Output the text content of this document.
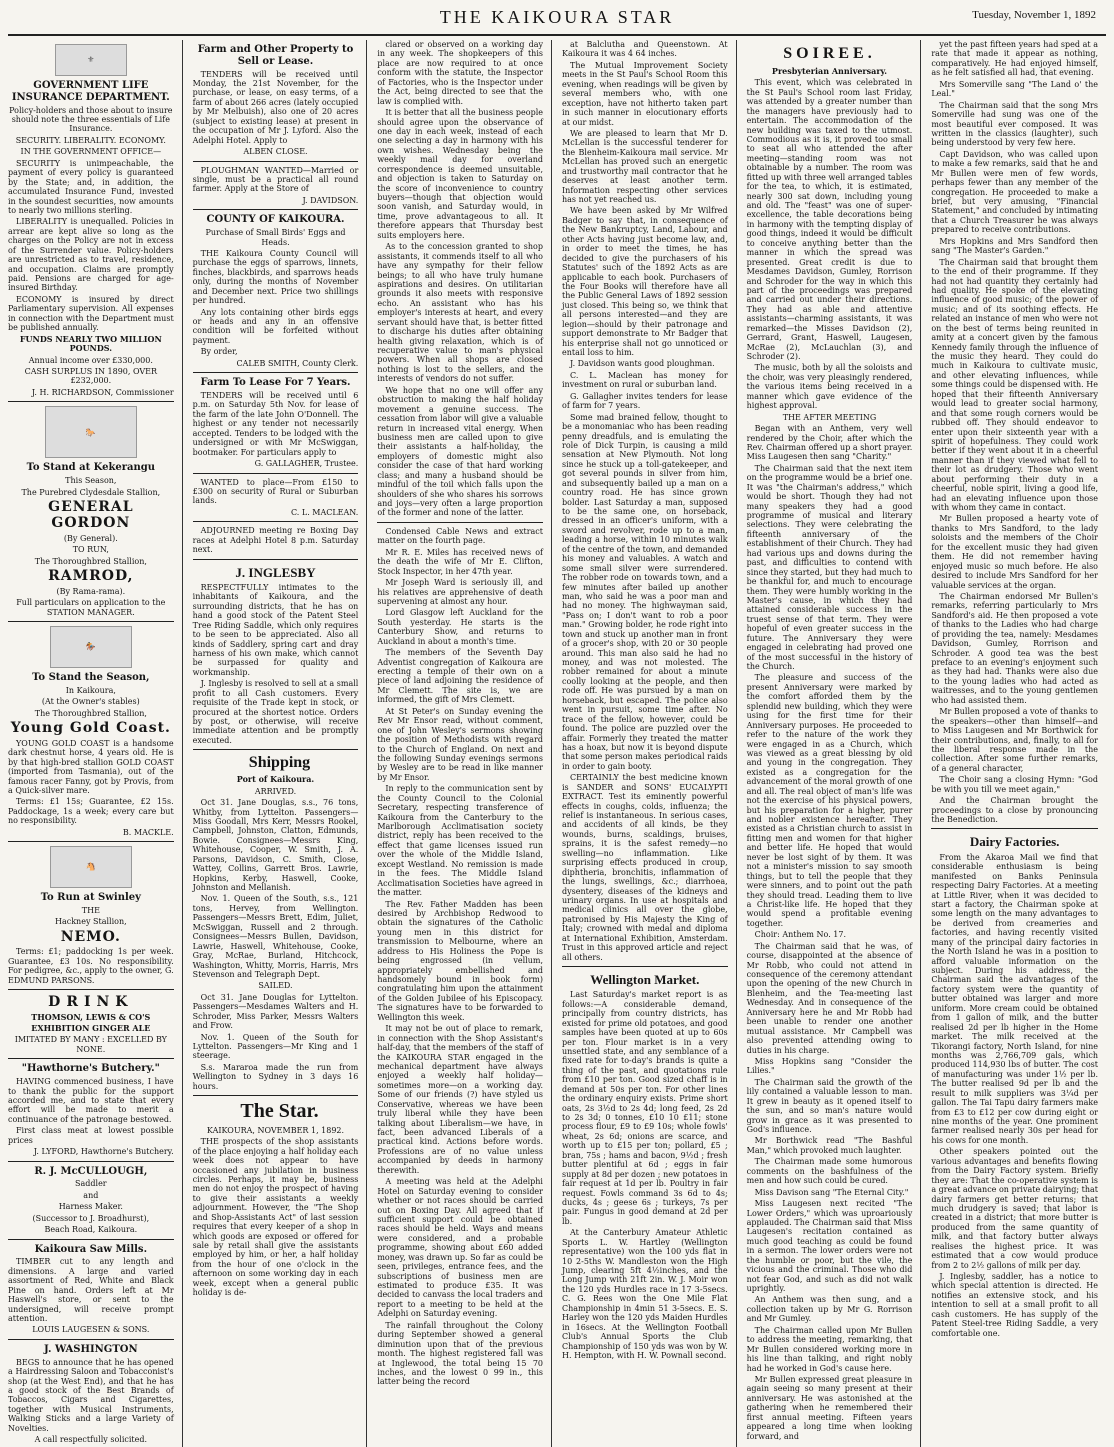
THE KAIKOURA STAR	Tuesday, November 1, 1892
⚜
GOVERNMENT LIFE INSURANCE DEPARTMENT.

Policy-holders and those about to insure should note the three essentials of Life Insurance.

SECURITY. LIBERALITY. ECONOMY.

IN THE GOVERNMENT OFFICE—

SECURITY is unimpeachable, the payment of every policy is guaranteed by the State; and, in addition, the accumulated Insurance Fund, invested in the soundest securities, now amounts to nearly two millions sterling.

LIBERALITY is unequalled. Policies in arrear are kept alive so long as the charges on the Policy are not in excess of the Surrender value. Policy-holders are unrestricted as to travel, residence, and occupation. Claims are promptly paid. Pensions are charged for age-insured Birthday.

ECONOMY is insured by direct Parliamentary supervision. All expenses in connection with the Department must be published annually.

FUNDS NEARLY TWO MILLION POUNDS.

Annual income over £330,000.

CASH SURPLUS IN 1890, OVER £232,000.

J. H. RICHARDSON, Commissioner

🐎
To Stand at Kekerangu

This Season,

The Purebred Clydesdale Stallion,

GENERAL GORDON

(By General).

TO RUN,

The Thoroughbred Stallion,

RAMROD,

(By Rama-rama).

Full particulars on application to the STATION MANAGER.

🏇
To Stand the Season,

In Kaikoura,

(At the Owner's stables)

The Thoroughbred Stallion,

Young Gold Coast.

YOUNG GOLD COAST is a handsome dark chestnut horse, 4 years old. He is by that high-bred stallion GOLD COAST (imported from Tasmania), out of the famous racer Fanny, got by Provis, from a Quick-silver mare.

Terms: £1 15s; Guarantee, £2 15s. Paddockage, 1s a week; every care but no responsibility.

B. MACKLE.

🐴
To Run at Swinley

THE

Hackney Stallion,

NEMO.

Terms: £1; paddocking 1s per week. Guarantee, £3 10s. No responsibility. For pedigree, &c., apply to the owner, G. EDMUND PARSONS.

DRINK

THOMSON, LEWIS & CO'S

EXHIBITION GINGER ALE

IMITATED BY MANY : EXCELLED BY NONE.

"Hawthorne's Butchery."

HAVING commenced business, I have to thank the public for the support accorded me, and to state that every effort will be made to merit a continuance of the patronage bestowed.

First class meat at lowest possible prices

J. LYFORD, Hawthorne's Butchery.

R. J. McCULLOUGH,

Saddler

and

Harness Maker.

(Successor to J. Broadhurst),

Beach Road, Kaikoura.

Kaikoura Saw Mills.

TIMBER cut to any length and dimensions. A large and varied assortment of Red, White and Black Pine on hand. Orders left at Mr Haswell's store, or sent to the undersigned, will receive prompt attention.

LOUIS LAUGESEN & SONS.

J. WASHINGTON

BEGS to announce that he has opened a Hairdressing Saloon and Tobacconist's shop (at the West End), and that he has a good stock of the Best Brands of Tobaccos, Cigars and Cigarettes, together with Musical Instruments, Walking Sticks and a large Variety of Novelties.

A call respectfully solicited.

Farm and Other Property to Sell or Lease.

TENDERS will be received until Monday, the 21st November, for the purchase, or lease, on easy terms, of a farm of about 266 acres (lately occupied by Mr Melbuish), also one of 20 acres (subject to existing lease) at present in the occupation of Mr J. Lyford. Also the Adelphi Hotel. Apply to

ALBEN CLOSE.

PLOUGHMAN WANTED—Married or single, must be a practical all round farmer. Apply at the Store of

J. DAVIDSON.

COUNTY OF KAIKOURA.

Purchase of Small Birds' Eggs and Heads.

THE Kaikoura County Council will purchase the eggs of sparrows, linnets, finches, blackbirds, and sparrows heads only, during the months of November and December next. Price two shillings per hundred.

Any lots containing other birds eggs or heads and any in an offensive condition will be forfeited without payment.

By order,

CALEB SMITH, County Clerk.

Farm To Lease For 7 Years.

TENDERS will be received until 6 p.m. on Saturday 5th Nov. for lease of the farm of the late John O'Donnell. The highest or any tender not necessarily accepted. Tenders to be lodged with the undersigned or with Mr McSwiggan, bootmaker. For particulars apply to

G. GALLAGHER, Trustee.

WANTED to place—From £150 to £300 on security of Rural or Suburban lands.

C. L. MACLEAN.

ADJOURNED meeting re Boxing Day races at Adelphi Hotel 8 p.m. Saturday next.

J. INGLESBY

RESPECTFULLY intimates to the inhabitants of Kaikoura, and the surrounding districts, that he has on hand a good stock of the Patent Steel Tree Riding Saddle, which only requires to be seen to be appreciated. Also all kinds of Saddlery, spring cart and dray harness of his own make, which cannot be surpassed for quality and workmanship.

J. Inglesby is resolved to sell at a small profit to all Cash customers. Every requisite of the Trade kept in stock, or procured at the shortest notice. Orders by post, or otherwise, will receive immediate attention and be promptly executed.

Shipping

Port of Kaikoura.

ARRIVED.

Oct 31. Jane Douglas, s.s., 76 tons, Whitby, from Lyttelton. Passengers—Miss Goodall, Mrs Kerr, Messrs Rookel, Campbell, Johnston, Clatton, Edmunds, Bowie. Consignees—Messrs King, Whitehouse, Cooper, W. Smith, J. A. Parsons, Davidson, C. Smith, Close, Wattey, Collins, Garrett Bros. Lawrie, Hopkins, Kerby, Haswell, Cooke, Johnston and Mellanish.

Nov. 1. Queen of the South, s.s., 121 tons, Hervey, from Wellington. Passengers—Messrs Brett, Edim, Juliet, McSwiggan, Russell and 2 through. Consignees—Messrs Bullen, Davidson, Lawrie, Haswell, Whitehouse, Cooke, Gray, McRae, Burland, Hitchcock, Washington, Whitty, Morris, Harris, Mrs Stevenson and Telegraph Dept.

SAILED.

Oct 31. Jane Douglas for Lyttelton. Passengers—Mesdames Walters and H. Schroder, Miss Parker, Messrs Walters and Frow.

Nov. 1. Queen of the South for Lyttelton. Passengers—Mr King and 1 steerage.

S.s. Mararoa made the run from Wellington to Sydney in 3 days 16 hours.

The Star.

KAIKOURA, NOVEMBER 1, 1892.

THE prospects of the shop assistants of the place enjoying a half holiday each week does not appear to have occasioned any jubilation in business circles. Perhaps, it may be, business men do not enjoy the prospect of having to give their assistants a weekly adjournment. However, the "The Shop and Shop-Assistants Act" of last session requires that every keeper of a shop in which goods are exposed or offered for sale by retail shall give the assistants employed by him, or her, a half holiday from the hour of one o'clock in the afternoon on some working day in each week, except when a general public holiday is de-

clared or observed on a working day in any week. The shopkeepers of this place are now required to at once conform with the statute, the Inspector of Factories, who is the Inspector under the Act, being directed to see that the law is complied with.

It is better that all the business people should agree upon the observance of one day in each week, instead of each one selecting a day in harmony with his own wishes. Wednesday being the weekly mail day for overland correspondence is deemed unsuitable, and objection is taken to Saturday on the score of inconvenience to country buyers—though that objection would soon vanish, and Saturday would, in time, prove advantageous to all. It therefore appears that Thursday best suits employers here.

As to the concession granted to shop assistants, it commends itself to all who have any sympathy for their fellow beings; to all who have truly humane aspirations and desires. On utilitarian grounds it also meets with responsive echo. An assistant who has his employer's interests at heart, and every servant should have that, is better fitted to discharge his duties after obtaining health giving relaxation, which is of recuperative value to man's physical powers. When all shops are closed nothing is lost to the sellers, and the interests of vendors do not suffer.

We hope that no one will offer any obstruction to making the half holiday movement a genuine success. The cessation from labor will give a valuable return in increased vital energy. When business men are called upon to give their assistants a half-holiday, the employers of domestic might also consider the case of that hard working class; and many a husband should be mindful of the toil which falls upon the shoulders of she who shares his sorrows and joys—very often a large proportion of the former and none of the latter.

Condensed Cable News and extract matter on the fourth page.

Mr R. E. Miles has received news of the death the wife of Mr E. Clifton, Stock Inspector, in her 47th year.

Mr Joseph Ward is seriously ill, and his relatives are apprehensive of death supervening at almost any hour.

Lord Glasgow left Auckland for the South yesterday. He starts is the Canterbury Show, and returns to Auckland in about a month's time.

The members of the Seventh Day Adventist congregation of Kaikoura are erecting a temple of their own on a piece of land adjoining the residence of Mr Clemett. The site is, we are informed, the gift of Mrs Clemett.

At St Peter's on Sunday evening the Rev Mr Ensor read, without comment, one of John Wesley's sermons showing the position of Methodists with regard to the Church of England. On next and the following Sunday evenings sermons by Wesley are to be read in like manner by Mr Ensor.

In reply to the communication sent by the County Council to the Colonial Secretary, respecting transference of Kaikoura from the Canterbury to the Marlborough Acclimatisation society district, reply has been received to the effect that game licenses issued run over the whole of the Middle Island, except Westland. No remission is made in the fees. The Middle Island Acclimatisation Societies have agreed in the matter.

The Rev. Father Madden has been desired by Archbishop Redwood to obtain the signatures of the Catholic young men in this district for transmission to Melbourne, where an address to His Holiness the Pope is being engrossed (in vellum, appropriately embellished and handsomely bound in book form) congratulating him upon the attainment of the Golden Jubilee of his Episcopacy. The signatures have to be forwarded to Wellington this week.

It may not be out of place to remark, in connection with the Shop Assistant's half-day, that the members of the staff of the KAIKOURA STAR engaged in the mechanical department have always enjoyed a weekly half holiday—sometimes more—on a working day. Some of our friends (?) have styled us Conservative, whereas we have been truly liberal while they have been talking about Liberalism—we have, in fact, been advanced Liberals of a practical kind. Actions before words. Professions are of no value unless accompanied by deeds in harmony therewith.

A meeting was held at the Adelphi Hotel on Saturday evening to consider whether or not races should be carried out on Boxing Day. All agreed that if sufficient support could be obtained races should be held. Ways and means were considered, and a probable programme, showing about £60 added money, was drawn up. So far as could be seen, privileges, entrance fees, and the subscriptions of business men are estimated to produce £35. It was decided to canvass the local traders and report to a meeting to be held at the Adelphi on Saturday evening.

The rainfall throughout the Colony during September showed a general diminution upon that of the previous month. The highest registered fall was at Inglewood, the total being 15 70 inches, and the lowest 0 99 in., this latter being the record

at Balclutha and Queenstown. At Kaikoura it was 4 64 inches.

The Mutual Improvement Society meets in the St Paul's School Room this evening, when readings will be given by several members who, with one exception, have not hitherto taken part in such manner in elocutionary efforts at our midst.

We are pleased to learn that Mr D. McLellan is the successful tenderer for the Blenheim-Kaikoura mail service. Mr McLellan has proved such an energetic and trustworthy mail contractor that he deserves at least another term. Information respecting other services has not yet reached us.

We have been asked by Mr Wilfred Badger to say that, in consequence of the New Bankruptcy, Land, Labour, and other Acts having just become law, and, in order to meet the times, he has decided to give the purchasers of his Statutes' such of the 1892 Acts as are applicable to each book. Purchasers of the Four Books will therefore have all the Public General Laws of 1892 session just closed. This being so, we think that all persons interested—and they are legion—should by their patronage and support demonstrate to Mr Badger that his enterprise shall not go unnoticed or entail loss to him.

J. Davidson wants good ploughman.

C. L. Maclean has money for investment on rural or suburban land.

G. Gallagher invites tenders for lease of farm for 7 years.

Some mad brained fellow, thought to be a monomaniac who has been reading penny dreadfuls, and is emulating the role of Dick Turpin, is causing a mild sensation at New Plymouth. Not long since he stuck up a toll-gatekeeper, and got several pounds in silver from him, and subsequently bailed up a man on a country road. He has since grown bolder. Last Saturday a man, supposed to be the same one, on horseback, dressed in an officer's uniform, with a sword and revolver, rode up to a man, leading a horse, within 10 minutes walk of the centre of the town, and demanded his money and valuables. A watch and some small silver were surrendered. The robber rode on towards town, and a few minutes after bailed up another man, who said he was a poor man and had no money. The highwayman said, "Pass on; I don't want to rob a poor man." Growing bolder, he rode right into town and stuck up another man in front of a grocer's shop, with 20 or 30 people around. This man also said he had no money, and was not molested. The robber remained for about a minute coolly looking at the people, and then rode off. He was pursued by a man on horseback, but escaped. The police also went in pursuit, some time after. No trace of the fellow, however, could be found. The police are puzzled over the affair. Formerly they treated the matter has a hoax, but now it is beyond dispute that some person makes periodical raids in order to gain booty.

CERTAINLY the best medicine known is SANDER and SONS' EUCALYPTI EXTRACT. Test its eminently powerful effects in coughs, colds, influenza; the relief is instantaneous. In serious cases, and accidents of all kinds, be they wounds, burns, scaldings, bruises, sprains, it is the safest remedy—no swelling—no inflammation. Like surprising effects produced in croup, diphtheria, bronchitis, inflammation of the lungs, swellings, &c.; diarrhoea, dysentery, diseases of the kidneys and urinary organs. In use at hospitals and medical clinics all over the globe, patronised by His Majesty the King of Italy; crowned with medal and diploma at International Exhibition, Amsterdam. Trust in this approved article and reject all others.

Wellington Market.

Last Saturday's market report is as follows:—A considerable demand, principally from country districts, has existed for prime old potatoes, and good samples have been quoted at up to 60s per ton. Flour market is in a very unsettled state, and any semblance of a fixed rate for to-day's brands is quite a thing of the past, and quotations rule from £10 per ton. Good sized chaff is in demand at 50s per ton. For other lines the ordinary enquiry exists. Prime short oats, 2s 3½d to 2s 4d; long feed, 2s 2d to 2s 3d; 0 tonnes, £10 10 £11; stone process flour, £9 to £9 10s; whole fowls' wheat, 2s 6d; onions are scarce, and worth up to £15 per ton; pollard, £5 ; bran, 75s ; hams and bacon, 9½d ; fresh butter plentiful at 6d ; eggs in fair supply at 8d per dozen ; new potatoes in fair request at 1d per lb. Poultry in fair request. Fowls command 3s 6d to 4s; ducks, 4s ; geese 6s ; turkeys, 7s per pair. Fungus in good demand at 2d per lb.

At the Canterbury Amateur Athletic Sports L. W. Hartley (Wellington representative) won the 100 yds flat in 10 2-5ths W. Mandleston won the High Jump, clearing 5ft 4½inches, and the Long Jump with 21ft 2in. W. J. Moir won the 120 yds Hurdles race in 17 3-5secs. C. G. Rees won the One Mile Flat Championship in 4min 51 3-5secs. E. S. Harley won the 120 yds Maiden Hurdles in 16secs. At the Wellington Football Club's Annual Sports the Club Championship of 150 yds was won by W. H. Hempton, with H. W. Pownall second.

SOIREE.

Presbyterian Anniversary.

This event, which was celebrated in the St Paul's School room last Friday, was attended by a greater number than the managers have previously had to entertain. The accommodation of the new building was taxed to the utmost. Commodious as it is, it proved too small to seat all who attended the after meeting—standing room was not obtainable by a number. The room was fitted up with three well arranged tables for the tea, to which, it is estimated, nearly 300 sat down, including young and old. The "feast" was one of super-excellence, the table decorations being in harmony with the tempting display of good things, indeed it would be difficult to conceive anything better than the manner in which the spread was presented. Great credit is due to Mesdames Davidson, Gumley, Rorrison and Schroder for the way in which this part of the proceedings was prepared and carried out under their directions. They had as able and attentive assistants—charming assistants, it was remarked—the Misses Davidson (2), Gerrard, Grant, Haswell, Laugesen, McRae (2), McLauchlan (3), and Schroder (2).

The music, both by all the soloists and the choir, was very pleasingly rendered, the various items being received in a manner which gave evidence of the highest approval.

THE AFTER MEETING

Began with an Anthem, very well rendered by the Choir, after which the Rev. Chairman offered up a short prayer. Miss Laugesen then sang "Charity."

The Chairman said that the next item on the programme would be a brief one. It was "the Chairman's address," which would be short. Though they had not many speakers they had a good programme of musical and literary selections. They were celebrating the fifteenth anniversary of the establishment of their Church. They had had various ups and downs during the past, and difficulties to contend with since they started, but they had much to be thankful for, and much to encourage them. They were humbly working in the Master's cause, in which they had attained considerable success in the truest sense of that term. They were hopeful of even greater success in the future. The Anniversary they were engaged in celebrating had proved one of the most successful in the history of the Church.

The pleasure and success of the present Anniversary were marked by the comfort afforded them by the splendid new building, which they were using for the first time for their Anniversary purposes. He proceeded to refer to the nature of the work they were engaged in as a Church, which was viewed as a great blessing by old and young in the congregation. They existed as a congregation for the advancement of the moral growth of one and all. The real object of man's life was not the exercise of his physical powers, but his preparation for a higher, purer and nobler existence hereafter. They existed as a Christian church to assist in fitting men and women for that higher and better life. He hoped that would never be lost sight of by them. It was not a minister's mission to say smooth things, but to tell the people that they were sinners, and to point out the path they should tread. Leading them to live a Christ-like life. He hoped that they would spend a profitable evening together.

Choir: Anthem No. 17.

The Chairman said that he was, of course, disappointed at the absence of Mr Robb, who could not attend in consequence of the ceremony attendant upon the opening of the new Church in Blenheim, and the Tea-meeting last Wednesday. And in consequence of the Anniversary here he and Mr Robb had been unable to render one another mutual assistance. Mr Campbell was also prevented attending owing to duties in his charge.

Miss Hopkins sang "Consider the Lilies."

The Chairman said the growth of the lily contained a valuable lesson to man. It grew in beauty as it opened itself to the sun, and so man's nature would grow in grace as it was presented to God's influence.

Mr Borthwick read "The Bashful Man," which provoked much laughter.

The Chairman made some humorous comments on the bashfulness of the men and how such could be cured.

Miss Davison sang "The Eternal City."

Miss Laugesen next recited "The Lower Orders," which was uproariously applauded. The Chairman said that Miss Laugesen's recitation contained as much good teaching as could be found in a sermon. The lower orders were not the humble or poor, but the vile, the vicious and the criminal. Those who did not fear God, and such as did not walk uprightly.

An Anthem was then sung, and a collection taken up by Mr G. Rorrison and Mr Gumley.

The Chairman called upon Mr Bullen to address the meeting, remarking, that Mr Bullen considered working more in his line than talking, and right nobly had he worked in God's cause here.

Mr Bullen expressed great pleasure in again seeing so many present at their anniversary. He was astonished at the gathering when he remembered their first annual meeting. Fifteen years appeared a long time when looking forward, and

yet the past fifteen years had sped at a rate that made it appear as nothing, comparatively. He had enjoyed himself, as he felt satisfied all had, that evening.

Mrs Somerville sang "The Land o' the Leal."

The Chairman said that the song Mrs Somerville had sung was one of the most beautiful ever composed. It was written in the classics (laughter), such being understood by very few here.

Capt Davidson, who was called upon to make a few remarks, said that he and Mr Bullen were men of few words, perhaps fewer than any member of the congregation. He proceeded to make a brief, but very amusing, "Financial Statement," and concluded by intimating that a Church Treasurer he was always prepared to receive contributions.

Mrs Hopkins and Mrs Sandford then sang "The Master's Garden."

The Chairman said that brought them to the end of their programme. If they had not had quantity they certainly had had quality. He spoke of the elevating influence of good music; of the power of music; and of its soothing effects. He related an instance of men who were not on the best of terms being reunited in amity at a concert given by the famous Kennedy family through the influence of the music they heard. They could do much in Kaikoura to cultivate music, and other elevating influences, while some things could be dispensed with. He hoped that their fifteenth Anniversary would lead to greater social harmony, and that some rough corners would be rubbed off. They should endeavor to enter upon their sixteenth year with a spirit of hopefulness. They could work better if they went about it in a cheerful manner than if they viewed what fell to their lot as drudgery. Those who went about performing their duty in a cheerful, noble spirit, living a good life, had an elevating influence upon those with whom they came in contact.

Mr Bullen proposed a hearty vote of thanks to Mrs Sandford, to the lady soloists and the members of the Choir for the excellent music they had given them. He did not remember having enjoyed music so much before. He also desired to include Mrs Sandford for her valuable services at the organ.

The Chairman endorsed Mr Bullen's remarks, referring particularly to Mrs Sandford's aid. He then proposed a vote of thanks to the Ladies who had charge of providing the tea, namely: Mesdames Davidson, Gumley, Rorrison and Schroder. A good tea was the best preface to an evening's enjoyment such as they had had. Thanks were also due to the young ladies who had acted as waitresses, and to the young gentlemen who had assisted them.

Mr Bullen proposed a vote of thanks to the speakers—other than himself—and to Miss Laugesen and Mr Borthwick for their contributions, and, finally, to all for the liberal response made in the collection. After some further remarks, of a general character,

The Choir sang a closing Hymn: "God be with you till we meet again,"

And the Chairman brought the proceedings to a close by pronouncing the Benediction.

Dairy Factories.

From the Akaroa Mail we find that considerable enthusiasm is being manifested on Banks Peninsula respecting Dairy Factories. At a meeting at Little River, when it was decided to start a factory, the Chairman spoke at some length on the many advantages to be derived from creameries and factories, and having recently visited many of the principal dairy factories in the North Island he was in a position to afford valuable information on the subject. During his address, the Chairman said the advantages of the factory system were the quantity of butter obtained was larger and more uniform. More cream could be obtained from 1 gallon of milk, and the butter realised 2d per lb higher in the Home market. The milk received at the Tikorangi factory, North Island, for nine months was 2,766,709 gals, which produced 114,930 lbs of butter. The cost of manufacturing was under 1½ per lb. The butter realised 9d per lb and the result to milk suppliers was 3¼d per gallon. The Tai Tapu dairy farmers make from £3 to £12 per cow during eight or nine months of the year. One prominent farmer realised nearly 30s per head for his cows for one month.

Other speakers pointed out the various advantages and benefits flowing from the Dairy Factory system. Briefly they are: That the co-operative system is a great advance on private dairying; that dairy farmers get better returns; that much drudgery is saved; that labor is created in a district; that more butter is produced from the same quantity of milk, and that factory butter always realises the highest price. It was estimated that a cow would produce from 2 to 2½ gallons of milk per day.

J. Inglesby, saddler, has a notice to which special attention is directed. He notifies an extensive stock, and his intention to sell at a small profit to all cash customers. He has supply of the Patent Steel-tree Riding Saddle, a very comfortable one.
